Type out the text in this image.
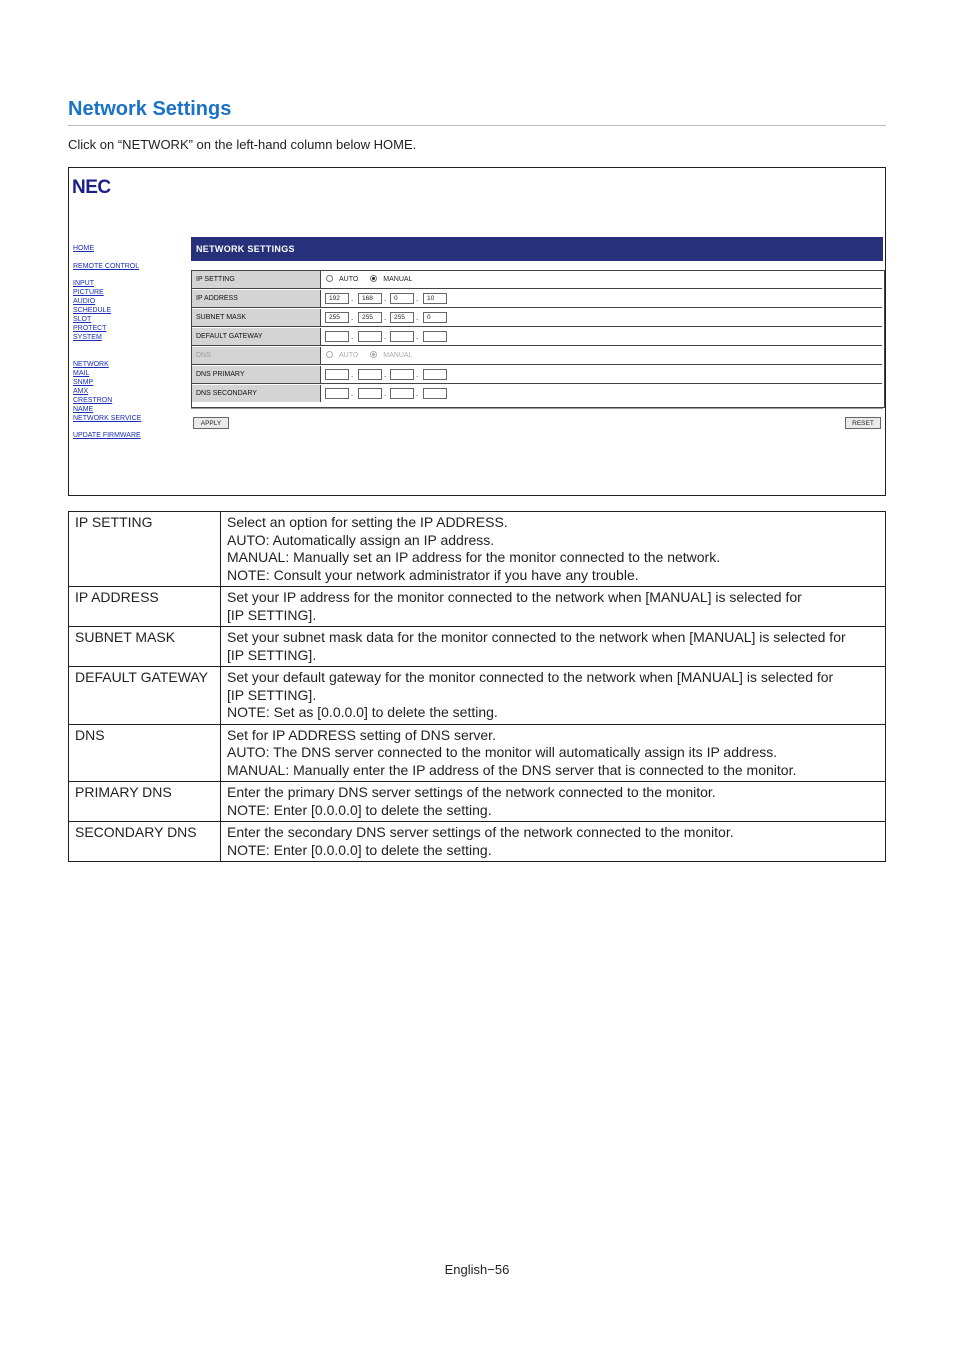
Network Settings
Click on “NETWORK” on the left-hand column below HOME.
NEC
HOME
REMOTE CONTROL
INPUT
PICTURE
AUDIO
SCHEDULE
SLOT
PROTECT
SYSTEM
NETWORK
MAIL
SNMP
AMX
CRESTRON
NAME
NETWORK SERVICE
UPDATE FIRMWARE
NETWORK SETTINGS
IP SETTING	AUTO	MANUAL
IP ADDRESS	192	.	168	.	0	.	10
SUBNET MASK	255	.	255	.	255	.	0
DEFAULT GATEWAY	.	.	.
DNS	AUTO	MANUAL
DNS PRIMARY	.	.	.
DNS SECONDARY	.	.	.
APPLY	RESET
IP SETTING	Select an option for setting the IP ADDRESS.
AUTO: Automatically assign an IP address.
MANUAL: Manually set an IP address for the monitor connected to the network.
NOTE: Consult your network administrator if you have any trouble.

IP ADDRESS	Set your IP address for the monitor connected to the network when [MANUAL] is selected for
[IP SETTING].

SUBNET MASK	Set your subnet mask data for the monitor connected to the network when [MANUAL] is selected for
[IP SETTING].

DEFAULT GATEWAY	Set your default gateway for the monitor connected to the network when [MANUAL] is selected for
[IP SETTING].
NOTE: Set as [0.0.0.0] to delete the setting.

DNS	Set for IP ADDRESS setting of DNS server.
AUTO: The DNS server connected to the monitor will automatically assign its IP address.
MANUAL: Manually enter the IP address of the DNS server that is connected to the monitor.

PRIMARY DNS	Enter the primary DNS server settings of the network connected to the monitor.
NOTE: Enter [0.0.0.0] to delete the setting.

SECONDARY DNS	Enter the secondary DNS server settings of the network connected to the monitor.
NOTE: Enter [0.0.0.0] to delete the setting.
English−56
